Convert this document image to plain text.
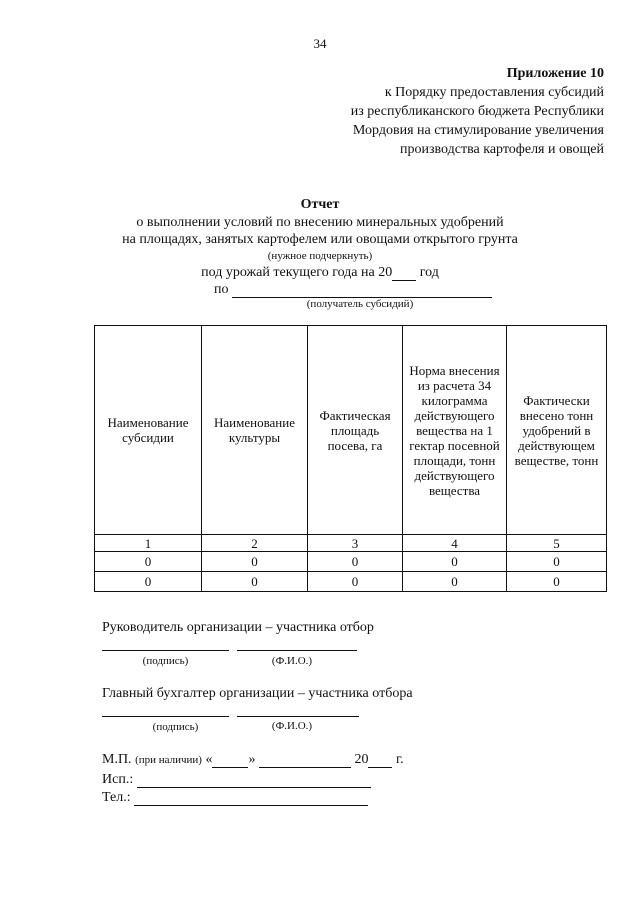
34
Приложение 10
к Порядку предоставления субсидий
из республиканского бюджета Республики
Мордовия на стимулирование увеличения
производства картофеля и овощей
Отчет
о выполнении условий по внесению минеральных удобрений
на площадях, занятых картофелем или овощами открытого грунта
(нужное подчеркнуть)
под урожай текущего года на 20 год
по
(получатель субсидий)
Наименование субсидии	Наименование культуры	Фактическая площадь посева, га	Норма внесения из расчета 34 килограмма действующего вещества на 1 гектар посевной площади, тонн действующего вещества	Фактически внесено тонн удобрений в действующем веществе, тонн
1	2	3	4	5
0	0	0	0	0
0	0	0	0	0
Руководитель организации – участника отбор
(подпись)	(Ф.И.О.)
Главный бухгалтер организации – участника отбора
(подпись)	(Ф.И.О.)
М.П. (при наличии) «	»	20 г.
Исп.:
Тел.:
